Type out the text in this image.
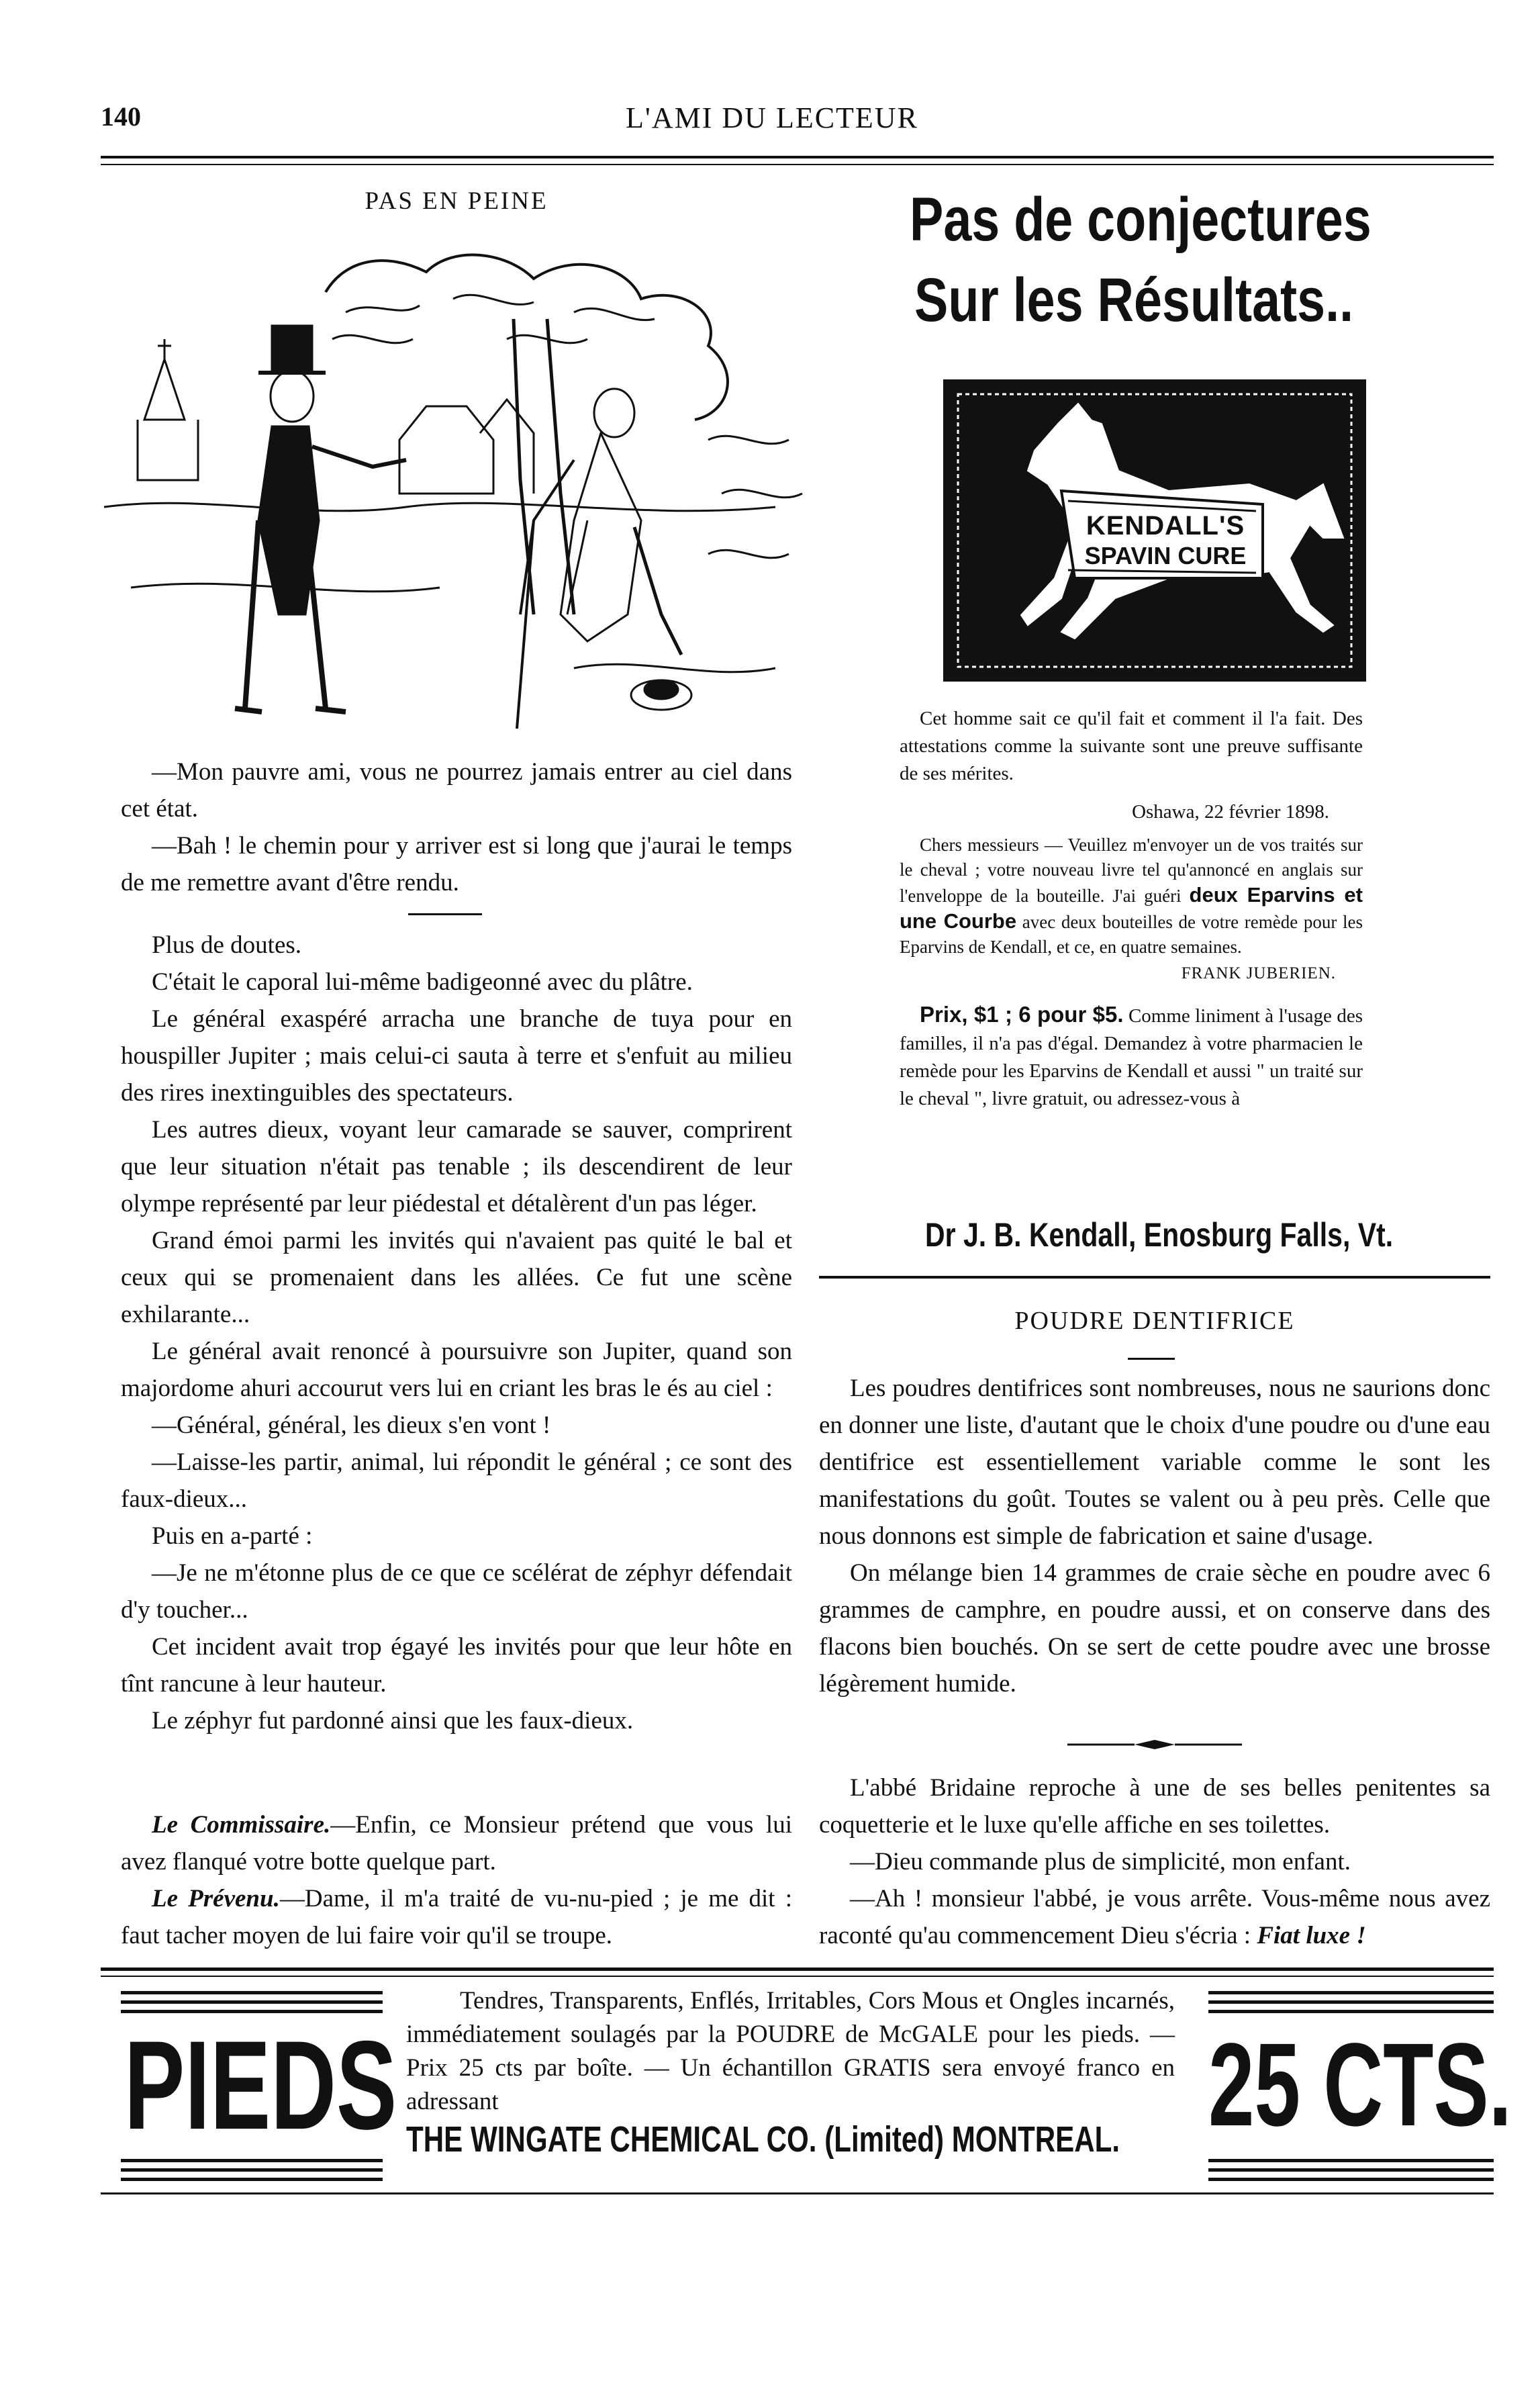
140	L'AMI DU LECTEUR
PAS EN PEINE

—Mon pauvre ami, vous ne pourrez jamais entrer au ciel dans cet état.

—Bah ! le chemin pour y arriver est si long que j'aurai le temps de me remettre avant d'être rendu.

Plus de doutes.

C'était le caporal lui-même badigeonné avec du plâtre.

Le général exaspéré arracha une branche de tuya pour en houspiller Jupiter ; mais celui-ci sauta à terre et s'enfuit au milieu des rires inextinguibles des spectateurs.

Les autres dieux, voyant leur camarade se sauver, comprirent que leur situation n'était pas tenable ; ils descendirent de leur olympe représenté par leur piédestal et détalèrent d'un pas léger.

Grand émoi parmi les invités qui n'avaient pas quité le bal et ceux qui se promenaient dans les allées. Ce fut une scène exhilarante...

Le général avait renoncé à poursuivre son Jupiter, quand son majordome ahuri accourut vers lui en criant les bras le és au ciel :

—Général, général, les dieux s'en vont !

—Laisse-les partir, animal, lui répondit le général ; ce sont des faux-dieux...

Puis en a-parté :

—Je ne m'étonne plus de ce que ce scélérat de zéphyr défendait d'y toucher...

Cet incident avait trop égayé les invités pour que leur hôte en tînt rancune à leur hauteur.

Le zéphyr fut pardonné ainsi que les faux-dieux.

Le Commissaire.—Enfin, ce Monsieur prétend que vous lui avez flanqué votre botte quelque part.

Le Prévenu.—Dame, il m'a traité de vu-nu-pied ; je me dit : faut tacher moyen de lui faire voir qu'il se troupe.

Pas de conjectures
Sur les Résultats..
KENDALL'S
SPAVIN CURE

Cet homme sait ce qu'il fait et comment il l'a fait. Des attestations comme la suivante sont une preuve suffisante de ses mérites.

Oshawa, 22 février 1898.

Chers messieurs — Veuillez m'envoyer un de vos traités sur le cheval ; votre nouveau livre tel qu'annoncé en anglais sur l'enveloppe de la bouteille. J'ai guéri deux Eparvins et une Courbe avec deux bouteilles de votre remède pour les Eparvins de Kendall, et ce, en quatre semaines.

FRANK JUBERIEN.

Prix, $1 ; 6 pour $5. Comme liniment à l'usage des familles, il n'a pas d'égal. Demandez à votre pharmacien le remède pour les Eparvins de Kendall et aussi " un traité sur le cheval ", livre gratuit, ou adressez-vous à

Dr J. B. Kendall, Enosburg Falls, Vt.
POUDRE DENTIFRICE

Les poudres dentifrices sont nombreuses, nous ne saurions donc en donner une liste, d'autant que le choix d'une poudre ou d'une eau dentifrice est essentiellement variable comme le sont les manifestations du goût. Toutes se valent ou à peu près. Celle que nous donnons est simple de fabrication et saine d'usage.

On mélange bien 14 grammes de craie sèche en poudre avec 6 grammes de camphre, en poudre aussi, et on conserve dans des flacons bien bouchés. On se sert de cette poudre avec une brosse légèrement humide.

L'abbé Bridaine reproche à une de ses belles penitentes sa coquetterie et le luxe qu'elle affiche en ses toilettes.

—Dieu commande plus de simplicité, mon enfant.

—Ah ! monsieur l'abbé, je vous arrête. Vous-même nous avez raconté qu'au commencement Dieu s'écria : Fiat luxe !

PIEDS
Tendres, Transparents, Enflés, Irritables, Cors Mous et Ongles incarnés, immédiatement soulagés par la POUDRE de McGALE pour les pieds. — Prix 25 cts par boîte. — Un échantillon GRATIS sera envoyé franco en adressant
THE WINGATE CHEMICAL CO. (Limited) MONTREAL. 25 CTS.
